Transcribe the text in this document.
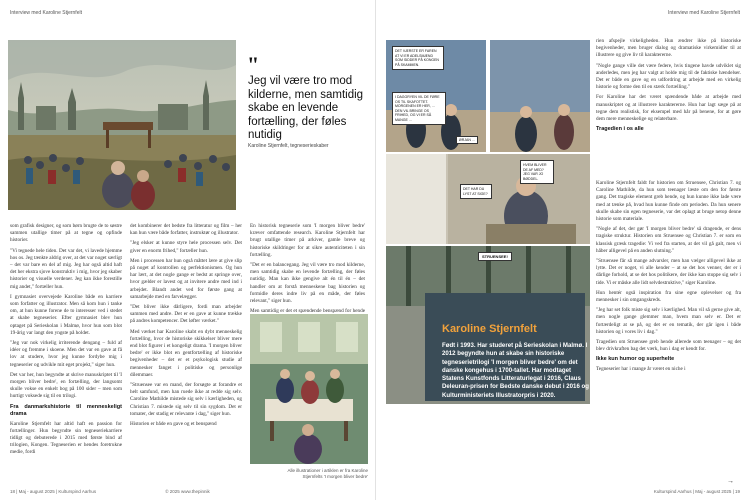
Interview med Karoline Stjernfelt
"
Jeg vil være tro mod kilderne, men samtidig skabe en levende fortælling, der føles nutidig
Karoline Stjernfelt, tegneserieskaber

som grafisk designer, og som børn brugte de to søstre sammen utallige timer på at tegne og opfinde historier.

"Vi tegnede hele tiden. Det var det, vi lavede hjemme hos os. Jeg tænkte aldrig over, at det var noget særligt – det var bare en del af mig. Jeg har også altid haft det her ekstra sjove konstruktiv i mig, hvor jeg skaber historier og visuelle verdener. Jeg kan ikke forestille mig andet," fortæller hun.

I gymnasiet overvejede Karoline både en karriere som forfatter og illustrator. Men så kom hun i tanke om, at hun kunne forene de to interesser ved i stedet at skabe tegneserier. Efter gymnasiet blev hun optaget på Serieskolan i Malmø, hvor hun som blot 19-årig var langt den yngste på holdet.

"Jeg var nok virkelig irriterende dengang – fuld af idéer og fremme i skoene. Men det var en gave at få lov at studere, hvor jeg kunne fordybe mig i tegneserier og udvikle mit eget projekt," siger hun.

Det var her, hun begyndte at skrive manuskriptet til 'I morgen bliver bedre', en fortælling, der langsomt skulle vokse en enkelt bog på 100 sider – men som hurtigt voksede sig til en trilogi.

Fra danmarkshistorie til menneskeligt drama

Karoline Stjernfelt har altid haft en passion for fortællinger. Hun begyndte sin tegneseriekarriere tidligt og debuterede i 2015 med første bind af trilogien, Kongen. Tegneserien er hendes foretrukne medie, fordi

det kombinerer det bedste fra litteratur og film – her kan hun være både forfatter, instruktør og illustrator.

"Jeg elsker at kunne styre hele processen selv. Det giver en enorm frihed," fortæller hun.

Men i processen har hun også måttet lære at give slip på noget af kontrollen og perfektionismen. Og hun har lært, at det nogle gange er bedst at springe over, hvor gælder er lavest og at invitere andre med ind i arbejdet. Blandt andet ved for første gang at samarbejde med en farvelægger.

"Det bliver ikke dårligere, fordi man arbejder sammen med andre. Det er en gave at kunne trække på andres kompetencer. Det løfter værket."

Med værket har Karoline skabt en dybt menneskelig fortælling, hvor de historiske skikkelser bliver mere end blot figurer i et kongeligt drama. 'I morgen bliver bedre' er ikke blot en gentfortælling af historiske begivenheder – det er et psykologisk studie af mennesker fanget i politiske og personlige dilemmaer.

"Struensee var en mand, der forsøgte at forandre et helt samfund, men han ruede ikke at redde sig selv. Caroline Mathilde mistede sig selv i kærligheden, og Christian 7. mistede sig selv til sin sygdom. Det er tomater, der stadig er relevante i dag," siger hun.

Historien er både en gave og et benspænd

En historisk tegneserie som 'I morgen bliver bedre' kræver omfattende research. Karoline Stjernfelt har brugt utallige timer på arkiver, gamle breve og historiske skildringer for at sikre autenticiteten i sin fortælling.

"Det er en balancegang. Jeg vil være tro mod kilderne, men samtidig skabe en levende fortælling, der føles nutidig. Man kan ikke gengive alt én til én – det handler om at forstå menneskene bag historien og formidle deres indre liv på en måde, der føles relevant," siger hun.

Men samtidig er det et spændende benspænd for hende

Alle illustrationer i artiklen er fra Karoline Stjernfelts 'I morgen bliver bedre'
18 | Maj - august 2025 | Kulturspind Aarhus	© 2025 www.thepinnik
Interview med Karoline Stjernfelt
Kulturspind Aarhus | Maj - august 2025 | 19
DET VÆRSTE ER FAREN AT VI ER ADELSMÆND SOM SIDDER PÅ KONGEN PÅ SKAMMEN.
I DAGGRYEN VIL DE FØRE OS TIL SKAFOTTET. MORGENEN ER HER, ... DEN VIL BRINGE OS FRIHED, OG VI ER SÅ MANGE ...
ØRJAN ...
HVEM BLIVER DE AF MED? JEG VAR JO BØDDEL.
DET HAR DU LYST AT SIGE?
STRUENSEE!
Karoline Stjernfelt
Født i 1993. Har studeret på Serieskolan i Malmø. I 2012 begyndte hun at skabe sin historiske tegneserietrilogi 'I morgen bliver bedre' om det danske kongehus i 1700-tallet. Har modtaget Statens Kunstfonds Litteraturlegat i 2016, Claus Deleuran-prisen for Bedste danske debut i 2016 og Kulturministeriets Illustratorpris i 2020.

rien afspejle virkeligheden. Hun ændrer ikke på historiske begivenheder, men bruger dialog og dramatiske virkemidler til at illustrere og give liv til karaktererne.

"Nogle gange ville det være federe, hvis tingene havde udviklet sig anderledes, men jeg har valgt at holde mig til de faktiske hændelser. Det er både en gave og en udfordring at arbejde med en virkelig historie og forme den til en stærk fortælling."

For Karoline har det været spændende både at arbejde med manuskriptet og at illustrere karaktererne. Hun har lagt sæge på at tegne dem realistisk, for eksempel med hår på benene, for at gøre dem mere menneskelige og relaterbare.

Tragedien i os alle

Karoline Stjernfelt faldt for historien om Struensee, Christian 7. og Caroline Mathilde, da hun som teenager læste om den for første gang. Det tragiske element greb hende, og hun kunne ikke lade være med at tænke på, hvad hun kunne finde om perioden. Da hun senere skulle skabe sin egen tegneserie, var det oplagt at bruge netop denne historie som materiale.

"Nogle af det, der gør 'I morgen bliver bedre' så dragende, er dens tragiske struktur. Historien om Struensee og Christian 7. er som en klassisk græsk tragedie: Vi ved fra starten, at det vil gå galt, men vi håber alligevel på en anden slutning."

"Struensee får så mange advarsler, men han vælger alligevel ikke at lytte. Det er noget, vi alle kender – at se det hos venner, der er i dårlige forhold, at se det hos politikere, der ikke kan stoppe sig selv i tide. Vi er måske alle lidt selvdestruktive," siger Karoline.

Hun hentér også inspiration fra sine egne oplevelser og fra mennesker i sin omgangskreds.

"Jeg har set folk miste sig selv i kærlighed. Man vil så gerne give alt, men nogle gange glemmer man, hvem man selv er. Det er fortærdeligt at se på, og det er en tematik, der går igen i både historien og i vores liv i dag."

Tragedien om Struensee greb hende allerede som teenager – og det blev drivkraften bag det værk, hun i dag er kendt for.

Ikke kun humor og superhelte

Tegneserier har i mange år været en niche i

→
